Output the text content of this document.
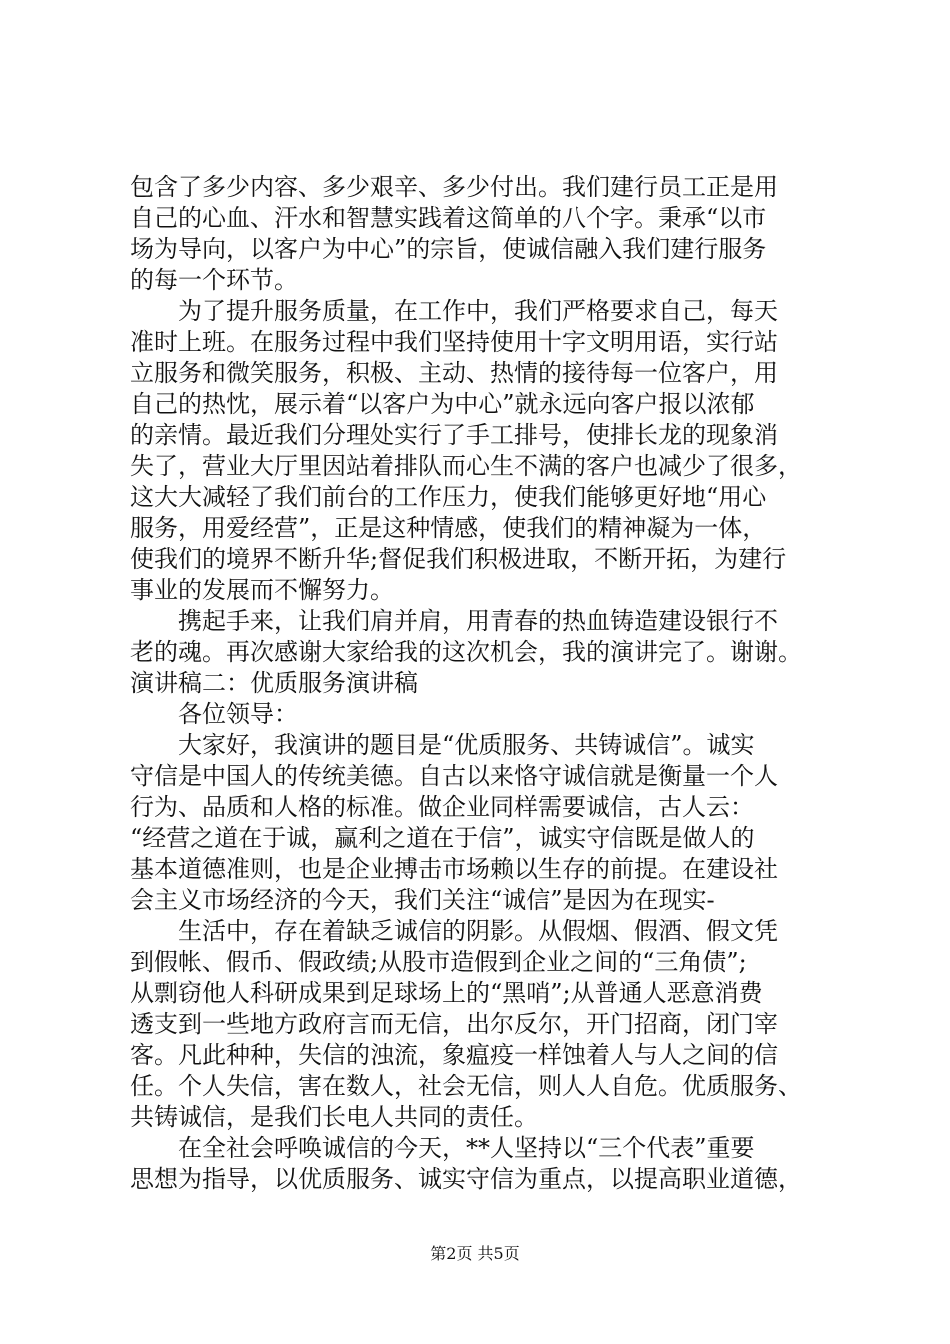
包含了多少内容、多少艰辛、多少付出。我们建行员工正是用
自己的心血、汗水和智慧实践着这简单的八个字。秉承“以市
场为导向，以客户为中心”的宗旨，使诚信融入我们建行服务
的每一个环节。
　　为了提升服务质量，在工作中，我们严格要求自己，每天
准时上班。在服务过程中我们坚持使用十字文明用语，实行站
立服务和微笑服务，积极、主动、热情的接待每一位客户，用
自己的热忱，展示着“以客户为中心”就永远向客户报以浓郁
的亲情。最近我们分理处实行了手工排号，使排长龙的现象消
失了，营业大厅里因站着排队而心生不满的客户也减少了很多，
这大大减轻了我们前台的工作压力，使我们能够更好地“用心
服务，用爱经营”，正是这种情感，使我们的精神凝为一体，
使我们的境界不断升华;督促我们积极进取，不断开拓，为建行
事业的发展而不懈努力。
　　携起手来，让我们肩并肩，用青春的热血铸造建设银行不
老的魂。再次感谢大家给我的这次机会，我的演讲完了。谢谢。
演讲稿二：优质服务演讲稿
　　各位领导：
　　大家好，我演讲的题目是“优质服务、共铸诚信”。诚实
守信是中国人的传统美德。自古以来恪守诚信就是衡量一个人
行为、品质和人格的标准。做企业同样需要诚信，古人云：
“经营之道在于诚，赢利之道在于信”，诚实守信既是做人的
基本道德准则，也是企业搏击市场赖以生存的前提。在建设社
会主义市场经济的今天，我们关注“诚信”是因为在现实-
　　生活中，存在着缺乏诚信的阴影。从假烟、假酒、假文凭
到假帐、假币、假政绩;从股市造假到企业之间的“三角债”;
从剽窃他人科研成果到足球场上的“黑哨”;从普通人恶意消费
透支到一些地方政府言而无信，出尔反尔，开门招商，闭门宰
客。凡此种种，失信的浊流，象瘟疫一样蚀着人与人之间的信
任。个人失信，害在数人，社会无信，则人人自危。优质服务、
共铸诚信，是我们长电人共同的责任。
　　在全社会呼唤诚信的今天，**人坚持以“三个代表”重要
思想为指导，以优质服务、诚实守信为重点，以提高职业道德，
第2页 共5页
